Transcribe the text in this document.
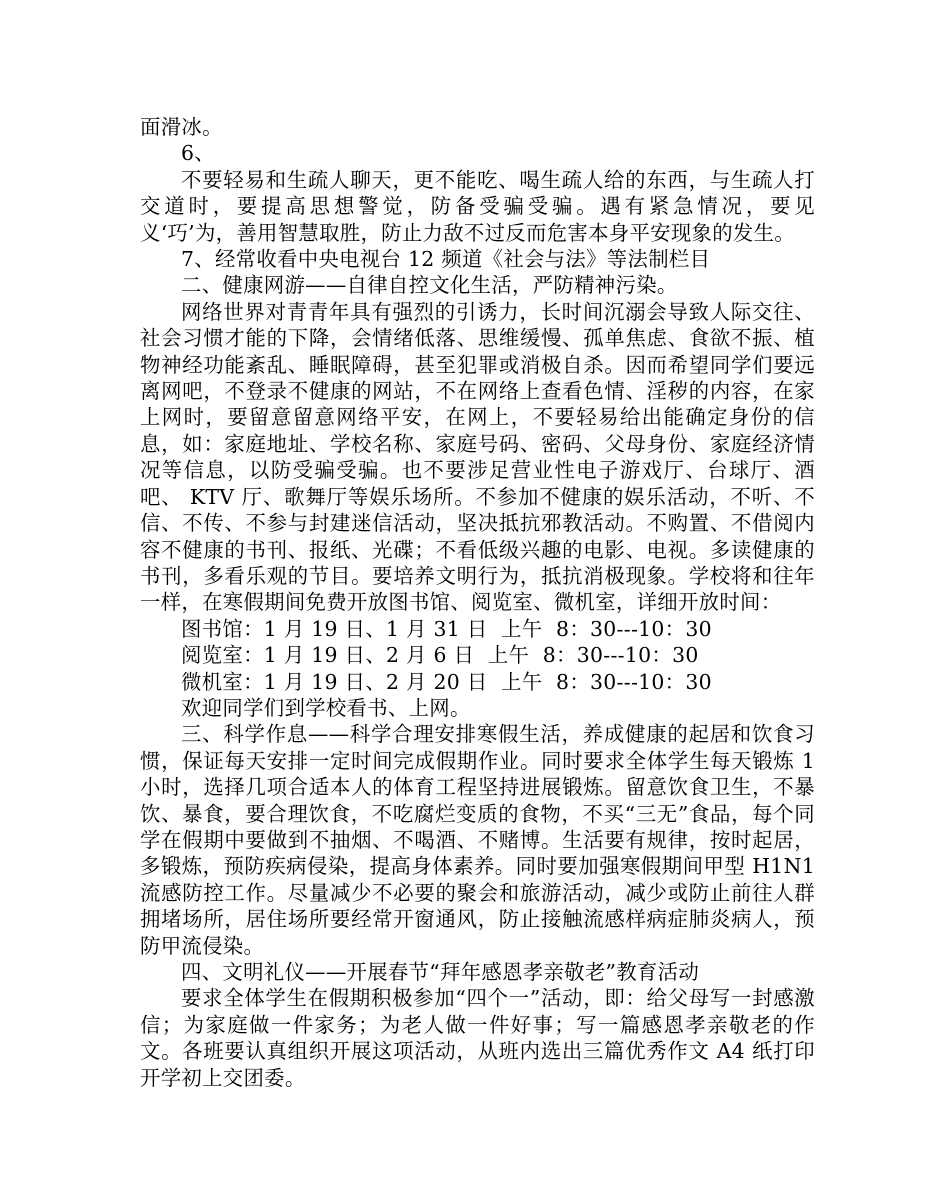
面滑冰。

6、

不要轻易和生疏人聊天，更不能吃、喝生疏人给的东西，与生疏人打交道时，要提高思想警觉，防备受骗受骗。遇有紧急情况，要见义‘巧’为，善用智慧取胜，防止力敌不过反而危害本身平安现象的发生。

7、经常收看中央电视台 12 频道《社会与法》等法制栏目

二、健康网游——自律自控文化生活，严防精神污染。

网络世界对青青年具有强烈的引诱力，长时间沉溺会导致人际交往、社会习惯才能的下降，会情绪低落、思维缓慢、孤单焦虑、食欲不振、植物神经功能紊乱、睡眠障碍，甚至犯罪或消极自杀。因而希望同学们要远离网吧，不登录不健康的网站，不在网络上查看色情、淫秽的内容，在家上网时，要留意留意网络平安，在网上，不要轻易给出能确定身份的信息，如：家庭地址、学校名称、家庭号码、密码、父母身份、家庭经济情况等信息，以防受骗受骗。也不要涉足营业性电子游戏厅、台球厅、酒吧、 KTV 厅、歌舞厅等娱乐场所。不参加不健康的娱乐活动，不听、不信、不传、不参与封建迷信活动，坚决抵抗邪教活动。不购置、不借阅内容不健康的书刊、报纸、光碟；不看低级兴趣的电影、电视。多读健康的书刊，多看乐观的节目。要培养文明行为，抵抗消极现象。学校将和往年一样，在寒假期间免费开放图书馆、阅览室、微机室，详细开放时间：

图书馆：1 月 19 日、1 月 31 日  上午  8：30---10：30

阅览室：1 月 19 日、2 月 6 日  上午  8：30---10：30

微机室：1 月 19 日、2 月 20 日  上午  8：30---10：30

欢迎同学们到学校看书、上网。

三、科学作息——科学合理安排寒假生活，养成健康的起居和饮食习惯，保证每天安排一定时间完成假期作业。同时要求全体学生每天锻炼 1 小时，选择几项合适本人的体育工程坚持进展锻炼。留意饮食卫生，不暴饮、暴食，要合理饮食，不吃腐烂变质的食物，不买“三无”食品，每个同学在假期中要做到不抽烟、不喝酒、不赌博。生活要有规律，按时起居，多锻炼，预防疾病侵染，提高身体素养。同时要加强寒假期间甲型 H1N1 流感防控工作。尽量减少不必要的聚会和旅游活动，减少或防止前往人群拥堵场所，居住场所要经常开窗通风，防止接触流感样病症肺炎病人，预防甲流侵染。

四、文明礼仪——开展春节“拜年感恩孝亲敬老”教育活动

要求全体学生在假期积极参加“四个一”活动，即：给父母写一封感激信；为家庭做一件家务；为老人做一件好事；写一篇感恩孝亲敬老的作文。各班要认真组织开展这项活动，从班内选出三篇优秀作文 A4 纸打印开学初上交团委。
